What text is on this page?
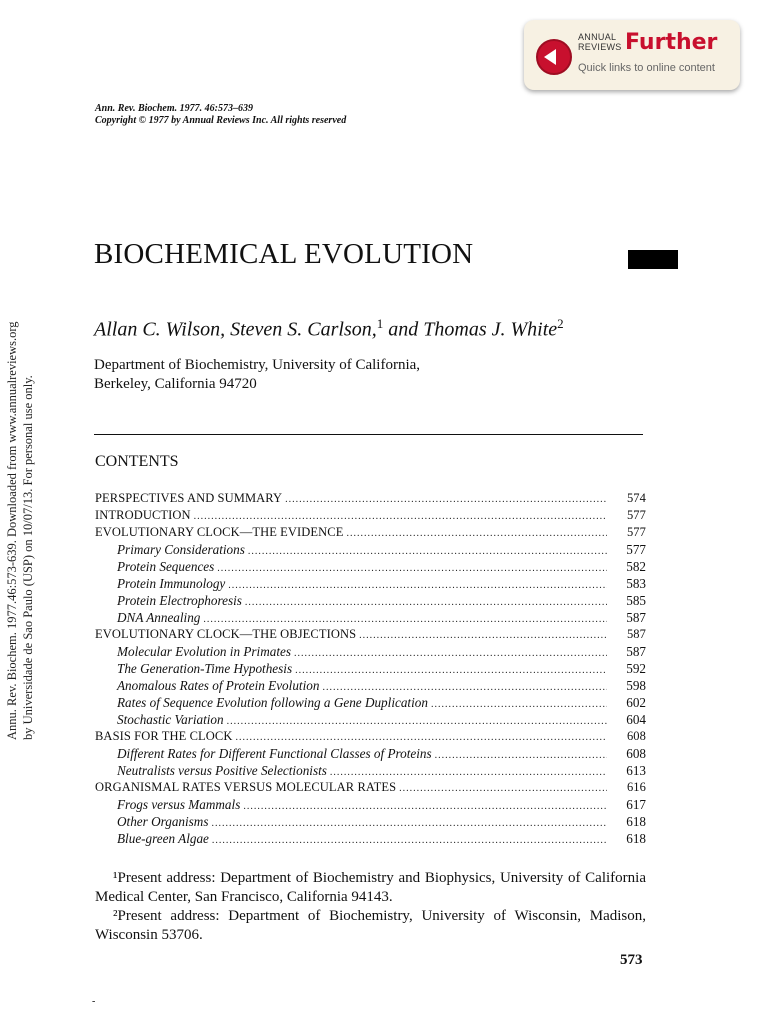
ANNUAL
REVIEWS Further
Quick links to online content
Ann. Rev. Biochem. 1977. 46:573–639
Copyright © 1977 by Annual Reviews Inc. All rights reserved
BIOCHEMICAL EVOLUTION
Allan C. Wilson, Steven S. Carlson,$^1$ and Thomas J. White$^2$
Department of Biochemistry, University of California,
Berkeley, California 94720
CONTENTS
PERSPECTIVES AND SUMMARY .....	574
INTRODUCTION .....	577
EVOLUTIONARY CLOCK—THE EVIDENCE .....	577
Primary Considerations .....	577
Protein Sequences .....	582
Protein Immunology .....	583
Protein Electrophoresis .....	585
DNA Annealing .....	587
EVOLUTIONARY CLOCK—THE OBJECTIONS .....	587
Molecular Evolution in Primates .....	587
The Generation-Time Hypothesis .....	592
Anomalous Rates of Protein Evolution .....	598
Rates of Sequence Evolution following a Gene Duplication .....	602
Stochastic Variation .....	604
BASIS FOR THE CLOCK .....	608
Different Rates for Different Functional Classes of Proteins .....	608
Neutralists versus Positive Selectionists .....	613
ORGANISMAL RATES VERSUS MOLECULAR RATES .....	616
Frogs versus Mammals .....	617
Other Organisms .....	618
Blue-green Algae .....	618

¹Present address: Department of Biochemistry and Biophysics, University of California Medical Center, San Francisco, California 94143.

²Present address: Department of Biochemistry, University of Wisconsin, Madison, Wisconsin 53706.

573
-
Annu. Rev. Biochem. 1977.46:573-639. Downloaded from www.annualreviews.org by Universidade de Sao Paulo (USP) on 10/07/13. For personal use only.
